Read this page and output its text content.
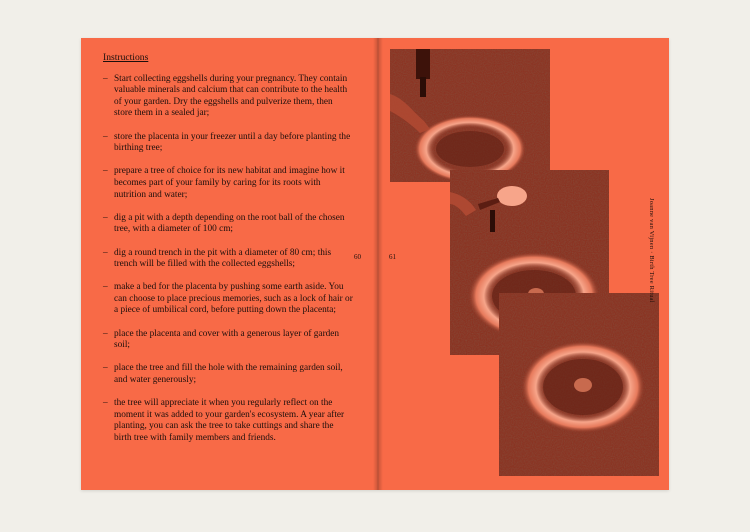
Instructions
– Start collecting eggshells during your pregnancy. They contain valuable minerals and calcium that can contribute to the health of your garden. Dry the eggshells and pulverize them, then store them in a sealed jar;
– store the placenta in your freezer until a day before planting the birthing tree;
– prepare a tree of choice for its new habitat and imagine how it becomes part of your family by caring for its roots with nutrition and water;
– dig a pit with a depth depending on the root ball of the chosen tree, with a diameter of 100 cm;
– dig a round trench in the pit with a diameter of 80 cm; this trench will be filled with the collected eggshells;
– make a bed for the placenta by pushing some earth aside. You can choose to place precious memories, such as a lock of hair or a piece of umbilical cord, before putting down the placenta;
– place the placenta and cover with a generous layer of garden soil;
– place the tree and fill the hole with the remaining garden soil, and water generously;
– the tree will appreciate it when you regularly reflect on the moment it was added to your garden's ecosystem. A year after planting, you can ask the tree to take cuttings and share the birth tree with family members and friends.
60	61	Joanne van Vijnen · Birth Tree Ritual
